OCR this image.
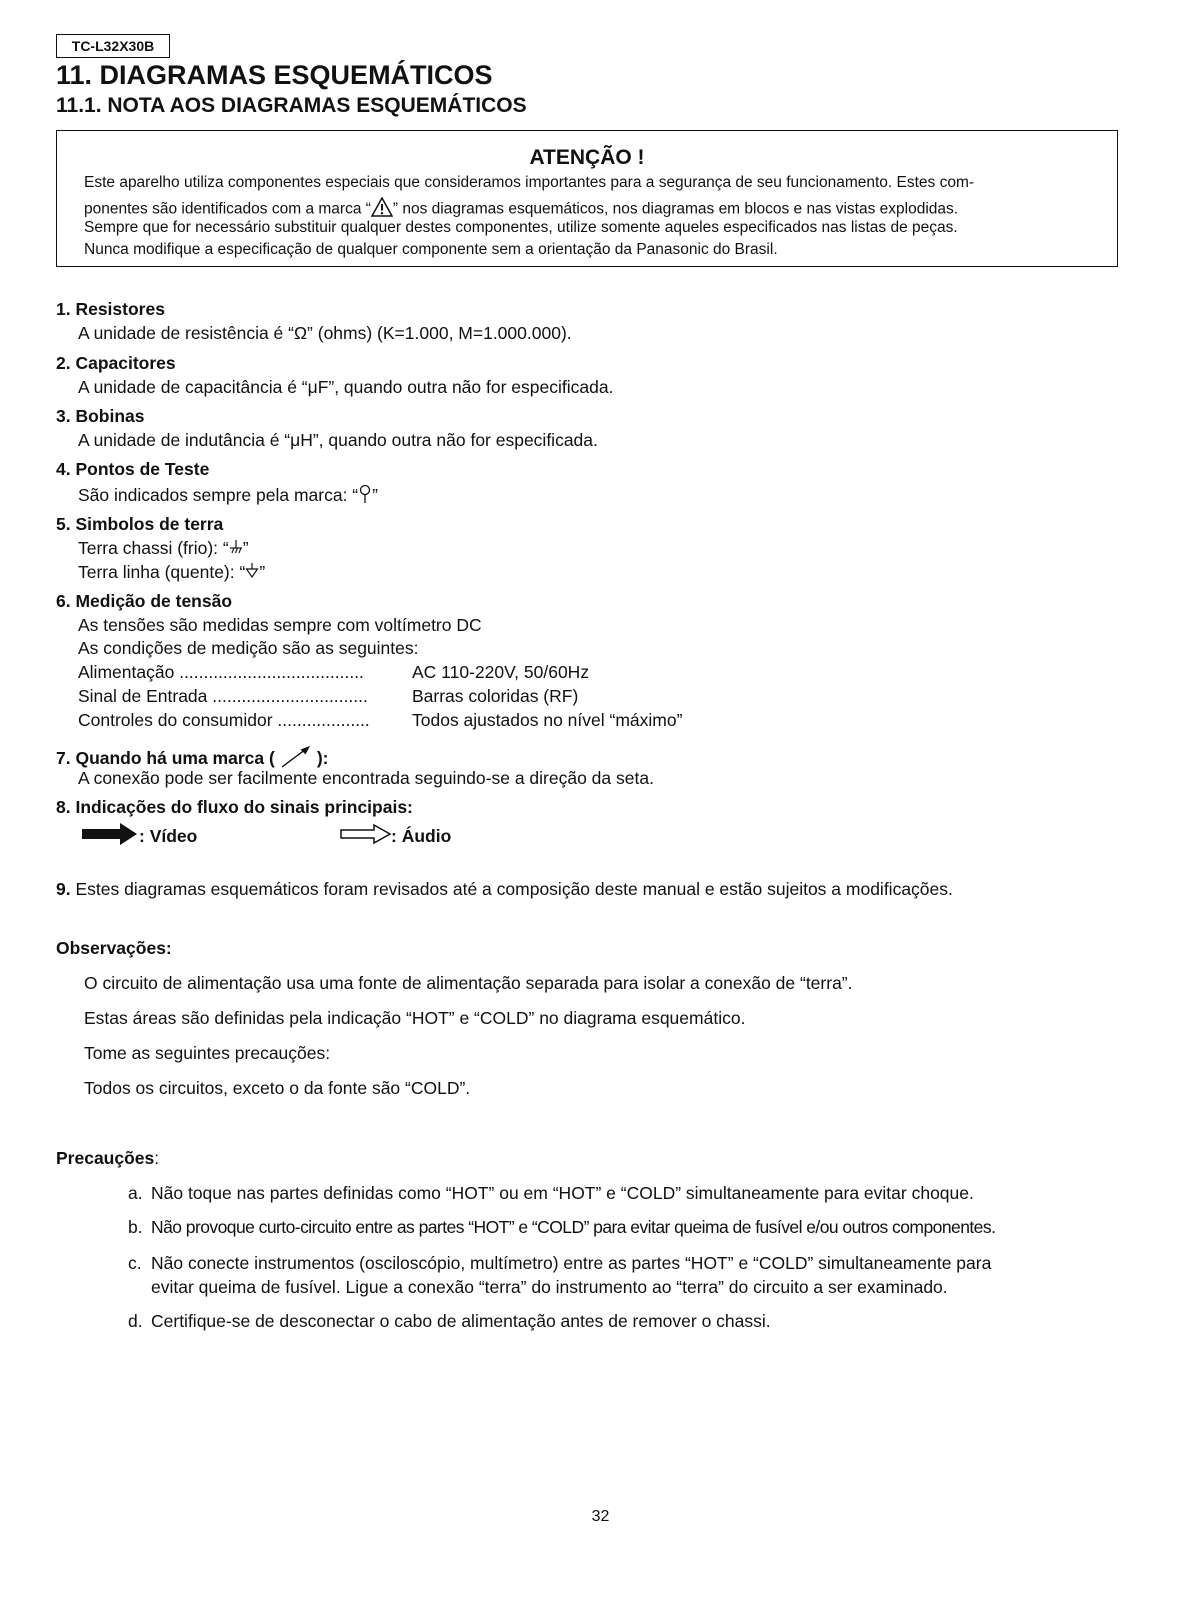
TC-L32X30B
11. DIAGRAMAS ESQUEMÁTICOS
11.1. NOTA AOS DIAGRAMAS ESQUEMÁTICOS
ATENÇÃO !
Este aparelho utiliza componentes especiais que consideramos importantes para a segurança de seu funcionamento. Estes com-
ponentes são identificados com a marca “ ” nos diagramas esquemáticos, nos diagramas em blocos e nas vistas explodidas.
Sempre que for necessário substituir qualquer destes componentes, utilize somente aqueles especificados nas listas de peças.
Nunca modifique a especificação de qualquer componente sem a orientação da Panasonic do Brasil.
1. Resistores
A unidade de resistência é “Ω” (ohms) (K=1.000, M=1.000.000).
2. Capacitores
A unidade de capacitância é “μF”, quando outra não for especificada.
3. Bobinas
A unidade de indutância é “μH”, quando outra não for especificada.
4. Pontos de Teste
São indicados sempre pela marca: “ ”
5. Simbolos de terra
Terra chassi (frio): “ ”
Terra linha (quente): “ ”
6. Medição de tensão
As tensões são medidas sempre com voltímetro DC
As condições de medição são as seguintes:
Alimentação ......................................	AC 110-220V, 50/60Hz
Sinal de Entrada ................................	Barras coloridas (RF)
Controles do consumidor ................... Todos ajustados no nível “máximo”
7. Quando há uma marca ( ):
A conexão pode ser facilmente encontrada seguindo-se a direção da seta.
8. Indicações do fluxo do sinais principais:
: Vídeo	: Áudio
9. Estes diagramas esquemáticos foram revisados até a composição deste manual e estão sujeitos a modificações.
Observações:
O circuito de alimentação usa uma fonte de alimentação separada para isolar a conexão de “terra”.
Estas áreas são definidas pela indicação “HOT” e “COLD” no diagrama esquemático.
Tome as seguintes precauções:
Todos os circuitos, exceto o da fonte são “COLD”.
Precauções:
a. Não toque nas partes definidas como “HOT” ou em “HOT” e “COLD” simultaneamente para evitar choque.
b. Não provoque curto-circuito entre as partes “HOT” e “COLD” para evitar queima de fusível e/ou outros componentes.
c. Não conecte instrumentos (osciloscópio, multímetro) entre as partes “HOT” e “COLD” simultaneamente para
evitar queima de fusível. Ligue a conexão “terra” do instrumento ao “terra” do circuito a ser examinado.
d. Certifique-se de desconectar o cabo de alimentação antes de remover o chassi.
32
